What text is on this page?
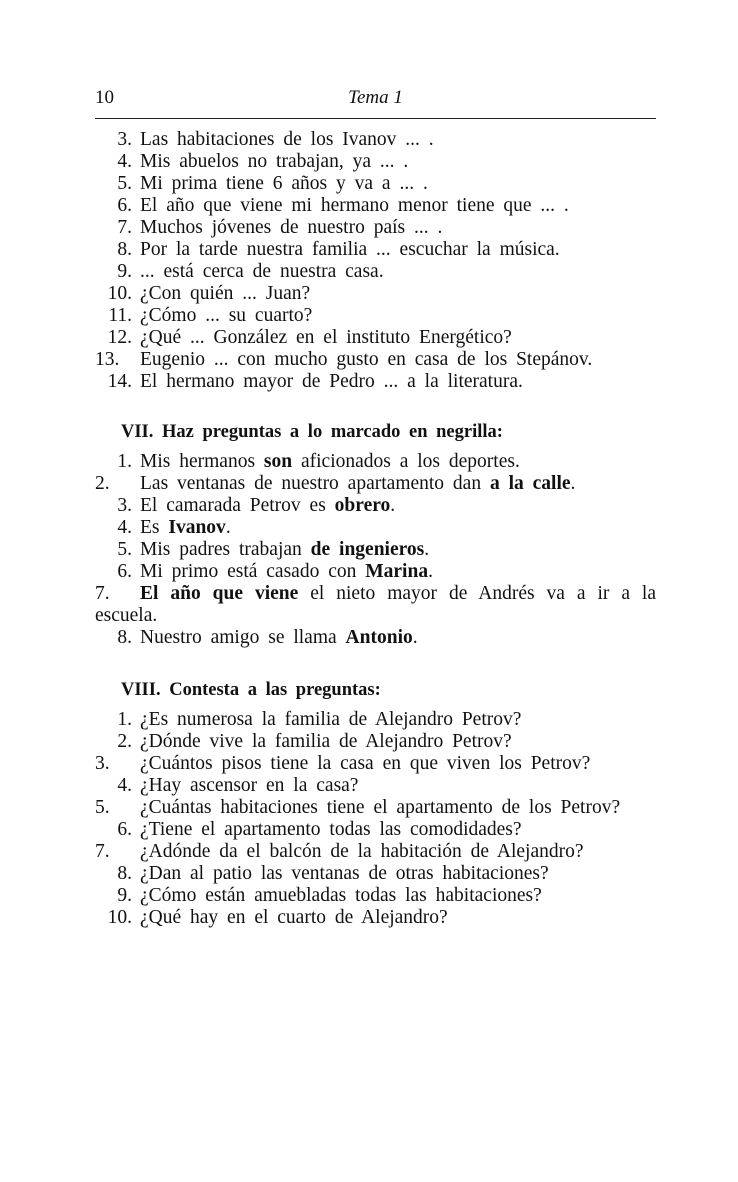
10	Tema 1
3. Las habitaciones de los Ivanov ... .
4. Mis abuelos no trabajan, ya ... .
5. Mi prima tiene 6 años y va a ... .
6. El año que viene mi hermano menor tiene que ... .
7. Muchos jóvenes de nuestro país ... .
8. Por la tarde nuestra familia ... escuchar la música.
9. ... está cerca de nuestra casa.
10. ¿Con quién ... Juan?
11. ¿Cómo ... su cuarto?
12. ¿Qué ... González en el instituto Energético?
13. Eugenio ... con mucho gusto en casa de los Stepánov.
14. El hermano mayor de Pedro ... a la literatura.
VII. Haz preguntas a lo marcado en negrilla:
1. Mis hermanos son aficionados a los deportes.
2. Las ventanas de nuestro apartamento dan a la calle.
3. El camarada Petrov es obrero.
4. Es Ivanov.
5. Mis padres trabajan de ingenieros.
6. Mi primo está casado con Marina.
7. El año que viene el nieto mayor de Andrés va a ir a la escuela.
8. Nuestro amigo se llama Antonio.
VIII. Contesta a las preguntas:
1. ¿Es numerosa la familia de Alejandro Petrov?
2. ¿Dónde vive la familia de Alejandro Petrov?
3. ¿Cuántos pisos tiene la casa en que viven los Petrov?
4. ¿Hay ascensor en la casa?
5. ¿Cuántas habitaciones tiene el apartamento de los Petrov?
6. ¿Tiene el apartamento todas las comodidades?
7. ¿Adónde da el balcón de la habitación de Alejandro?
8. ¿Dan al patio las ventanas de otras habitaciones?
9. ¿Cómo están amuebladas todas las habitaciones?
10. ¿Qué hay en el cuarto de Alejandro?
